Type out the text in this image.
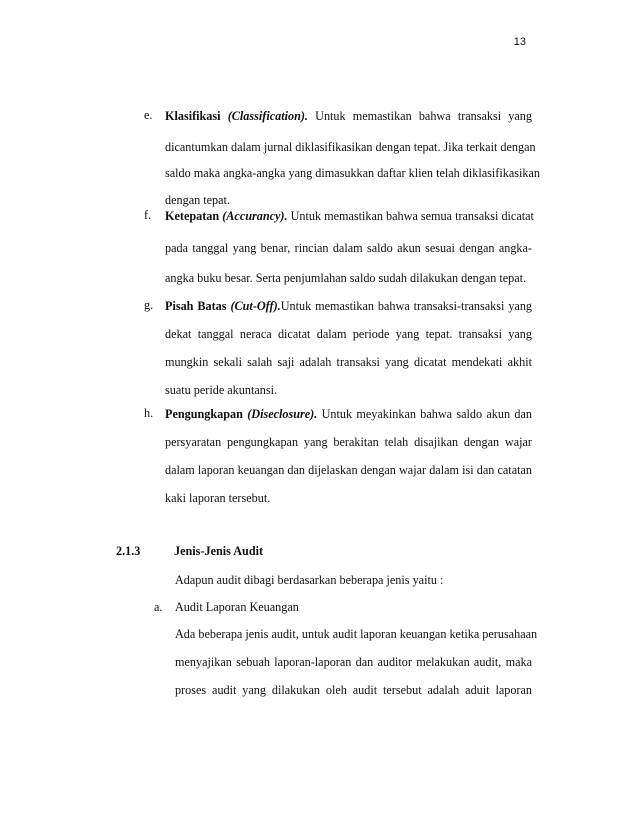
13
e. Klasifikasi (Classification). Untuk memastikan bahwa transaksi yang
dicantumkan dalam jurnal diklasifikasikan dengan tepat. Jika terkait dengan
saldo maka angka-angka yang dimasukkan daftar klien telah diklasifikasikan
dengan tepat.
f. Ketepatan (Accurancy). Untuk memastikan bahwa semua transaksi dicatat
pada tanggal yang benar, rincian dalam saldo akun sesuai dengan angka-
angka buku besar. Serta penjumlahan saldo sudah dilakukan dengan tepat.
g. Pisah Batas (Cut-Off).Untuk memastikan bahwa transaksi-transaksi yang
dekat tanggal neraca dicatat dalam periode yang tepat. transaksi yang
mungkin sekali salah saji adalah transaksi yang dicatat mendekati akhit
suatu peride akuntansi.
h. Pengungkapan (Diseclosure). Untuk meyakinkan bahwa saldo akun dan
persyaratan pengungkapan yang berakitan telah disajikan dengan wajar
dalam laporan keuangan dan dijelaskan dengan wajar dalam isi dan catatan
kaki laporan tersebut.
2.1.3	Jenis-Jenis Audit
Adapun audit dibagi berdasarkan beberapa jenis yaitu :
a. Audit Laporan Keuangan
Ada beberapa jenis audit, untuk audit laporan keuangan ketika perusahaan
menyajikan sebuah laporan-laporan dan auditor melakukan audit, maka
proses audit yang dilakukan oleh audit tersebut adalah aduit laporan
